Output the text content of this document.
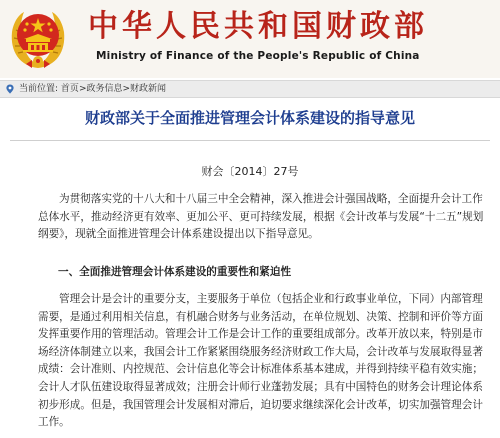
中华人民共和国财政部
Ministry of Finance of the People's Republic of China
当前位置: 首页>政务信息>财政新闻
财政部关于全面推进管理会计体系建设的指导意见
财会〔2014〕27号

为贯彻落实党的十八大和十八届三中全会精神，深入推进会计强国战略，全面提升会计工作
总体水平，推动经济更有效率、更加公平、更可持续发展，根据《会计改革与发展“十二五”规划
纲要》，现就全面推进管理会计体系建设提出以下指导意见。

一、全面推进管理会计体系建设的重要性和紧迫性

管理会计是会计的重要分支，主要服务于单位（包括企业和行政事业单位，下同）内部管理
需要，是通过利用相关信息，有机融合财务与业务活动，在单位规划、决策、控制和评价等方面
发挥重要作用的管理活动。管理会计工作是会计工作的重要组成部分。改革开放以来，特别是市
场经济体制建立以来，我国会计工作紧紧围绕服务经济财政工作大局，会计改革与发展取得显著
成绩：会计准则、内控规范、会计信息化等会计标准体系基本建成，并得到持续平稳有效实施；
会计人才队伍建设取得显著成效；注册会计师行业蓬勃发展；具有中国特色的财务会计理论体系
初步形成。但是，我国管理会计发展相对滞后，迫切要求继续深化会计改革，切实加强管理会计
工作。
